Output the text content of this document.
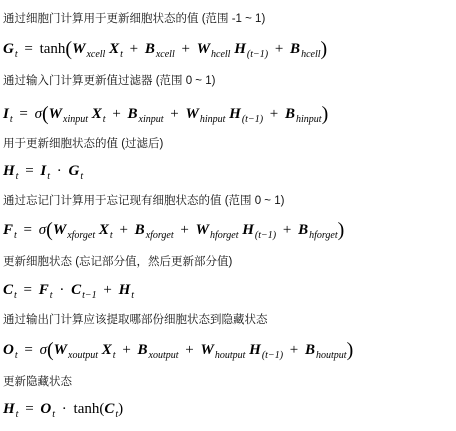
通过细胞门计算用于更新细胞状态的值 (范围 -1 ~ 1)
$G_t = \tanh(W_{xcell}$ $X_t + B_{xcell} + W_{hcell}$ $H_{(t-1)} + B_{hcell}$)
通过输入门计算更新值过滤器 (范围 0 ~ 1)
$I_t = \sigma(W_{xinput}$ $X_t + B_{xinput} + W_{hinput}$ $H_{(t-1)} + B_{hinput}$)
用于更新细胞状态的值 (过滤后)
$H_t = I_t \cdot G_t$
通过忘记门计算用于忘记现有细胞状态的值 (范围 0 ~ 1)
$F_t = \sigma(W_{xforget}$ $X_t + B_{xforget} + W_{hforget}$ $H_{(t-1)} + B_{hforget}$)
更新细胞状态 (忘记部分值，然后更新部分值)
$C_t = F_t \cdot C_{t-1} + H_t$
通过输出门计算应该提取哪部份细胞状态到隐藏状态
$O_t = \sigma(W_{xoutput}$ $X_t + B_{xoutput} + W_{houtput}$ $H_{(t-1)} + B_{houtput}$)
更新隐藏状态
$H_t = O_t \cdot \tanh(C_t)$
